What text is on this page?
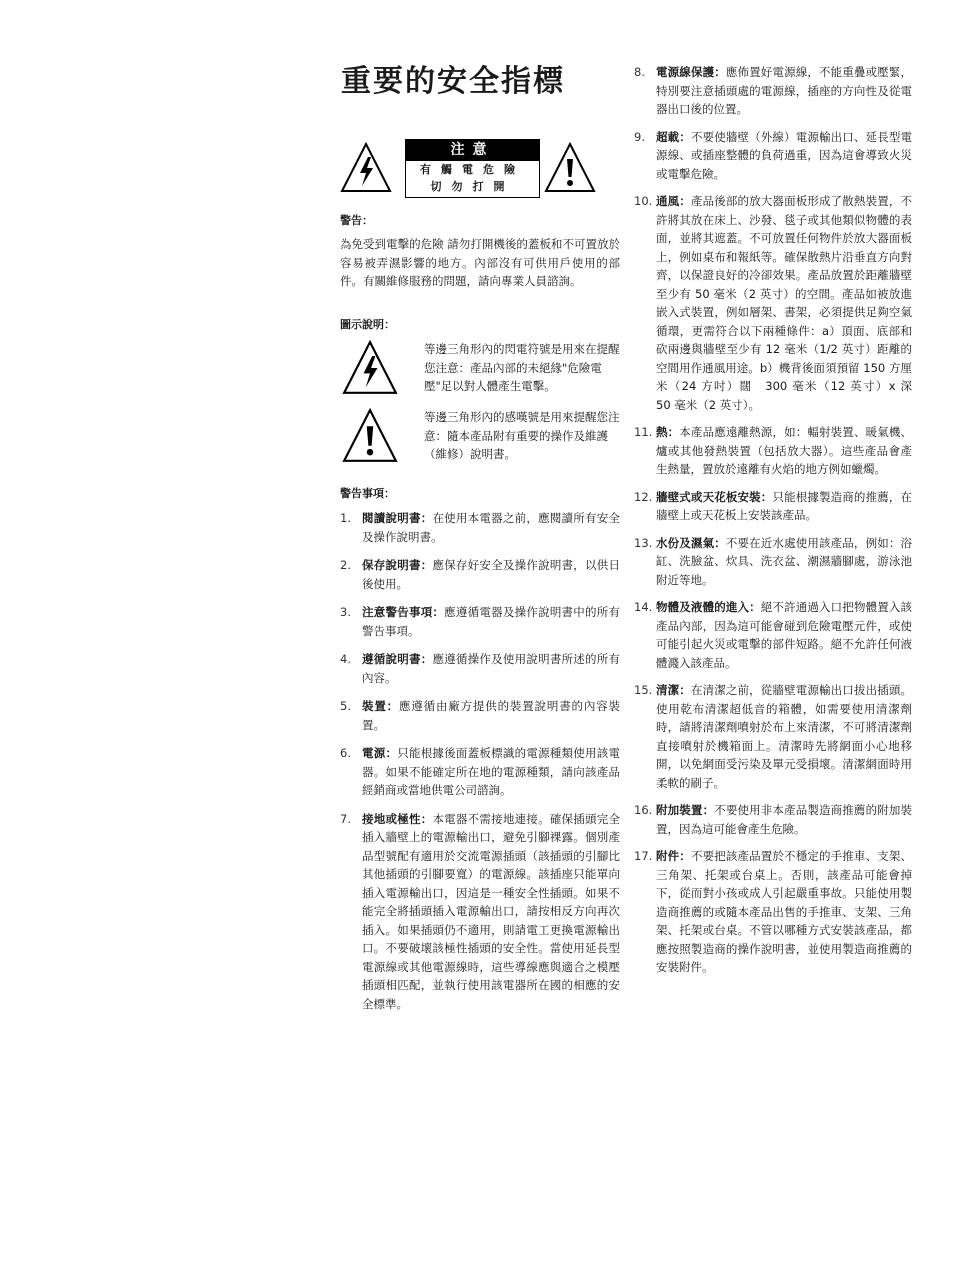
重要的安全指標
注意
有觸電危險
切勿打開

警告：

為免受到電擊的危險 請勿打開機後的蓋板和不可置放於容易被弄濕影響的地方。內部沒有可供用戶使用的部件。有關維修服務的問題，請向專業人員諮詢。

圖示說明：

等邊三角形內的閃電符號是用來在提醒您注意：產品內部的未絕緣"危險電壓"足以對人體產生電擊。

等邊三角形內的感嘆號是用來提醒您注意：隨本產品附有重要的操作及維護（維修）說明書。

警告事項：

1. 閱讀說明書：在使用本電器之前，應閱讀所有安全及操作說明書。

2. 保存說明書：應保存好安全及操作說明書，以供日後使用。

3. 注意警告事項：應遵循電器及操作說明書中的所有警告事項。

4. 遵循說明書：應遵循操作及使用說明書所述的所有內容。

5. 裝置：應遵循由廠方提供的裝置說明書的內容裝置。

6. 電源：只能根據後面蓋板標識的電源種類使用該電器。如果不能確定所在地的電源種類，請向該產品經銷商或當地供電公司諮詢。

7. 接地或極性：本電器不需接地連接。確保插頭完全插入牆壁上的電源輸出口，避免引腳裸露。個別產品型號配有適用於交流電源插頭（該插頭的引腳比其他插頭的引腳要寬）的電源線。該插座只能單向插入電源輸出口，因這是一種安全性插頭。如果不能完全將插頭插入電源輸出口，請按相反方向再次插入。如果插頭仍不適用，則請電工更換電源輸出口。不要破壞該極性插頭的安全性。當使用延長型電源線或其他電源線時，這些導線應與適合之模壓插頭相匹配，並執行使用該電器所在國的相應的安全標準。

8. 電源線保護：應佈置好電源線，不能重疊或壓緊，特別要注意插頭處的電源線，插座的方向性及從電器出口後的位置。

9. 超載：不要使牆壁（外線）電源輸出口、延長型電源線、或插座整體的負荷過重，因為這會導致火災或電擊危險。

10. 通風：產品後部的放大器面板形成了散熱裝置，不許將其放在床上、沙發、毯子或其他類似物體的表面，並將其遮蓋。不可放置任何物件於放大器面板上，例如桌布和報紙等。確保散熱片沿垂直方向對齊，以保證良好的冷卻效果。產品放置於距離牆壁至少有 50 毫米（2 英寸）的空間。產品如被放進嵌入式裝置，例如層架、書架，必須提供足夠空氣循環，更需符合以下兩種條件：a）頂面、底部和砍兩邊與牆壁至少有 12 毫米（1/2 英寸）距離的空間用作通風用途。b）機背後面須預留 150 方厘米（24 方吋）闊　300 毫米（12 英寸）x 深　50 毫米（2 英寸）。

11. 熱：本產品應遠離熱源，如：輻射裝置、暖氣機、爐或其他發熱裝置（包括放大器）。這些產品會產生熱量，置放於遠離有火焰的地方例如蠟燭。

12. 牆壁式或天花板安裝：只能根據製造商的推薦，在牆壁上或天花板上安裝該產品。

13. 水份及濕氣：不要在近水處使用該產品，例如：浴缸、洗臉盆、炊具、洗衣盆、潮濕牆腳處，游泳池附近等地。

14. 物體及液體的進入：絕不許通過入口把物體置入該產品內部，因為這可能會碰到危險電壓元件，或使可能引起火災或電擊的部件短路。絕不允許任何液體濺入該產品。

15. 清潔：在清潔之前，從牆壁電源輸出口拔出插頭。使用乾布清潔超低音的箱體，如需要使用清潔劑時，請將清潔劑噴射於布上來清潔，不可將清潔劑直接噴射於機箱面上。清潔時先將網面小心地移開，以免網面受污染及單元受損壞。清潔網面時用柔軟的刷子。

16. 附加裝置：不要使用非本產品製造商推薦的附加裝置，因為這可能會產生危險。

17. 附件：不要把該產品置於不穩定的手推車、支架、三角架、托架或台桌上。否則，該產品可能會掉下，從而對小孩或成人引起嚴重事故。只能使用製造商推薦的或隨本產品出售的手推車、支架、三角架、托架或台桌。不管以哪種方式安裝該產品，都應按照製造商的操作說明書，並使用製造商推薦的安裝附件。
